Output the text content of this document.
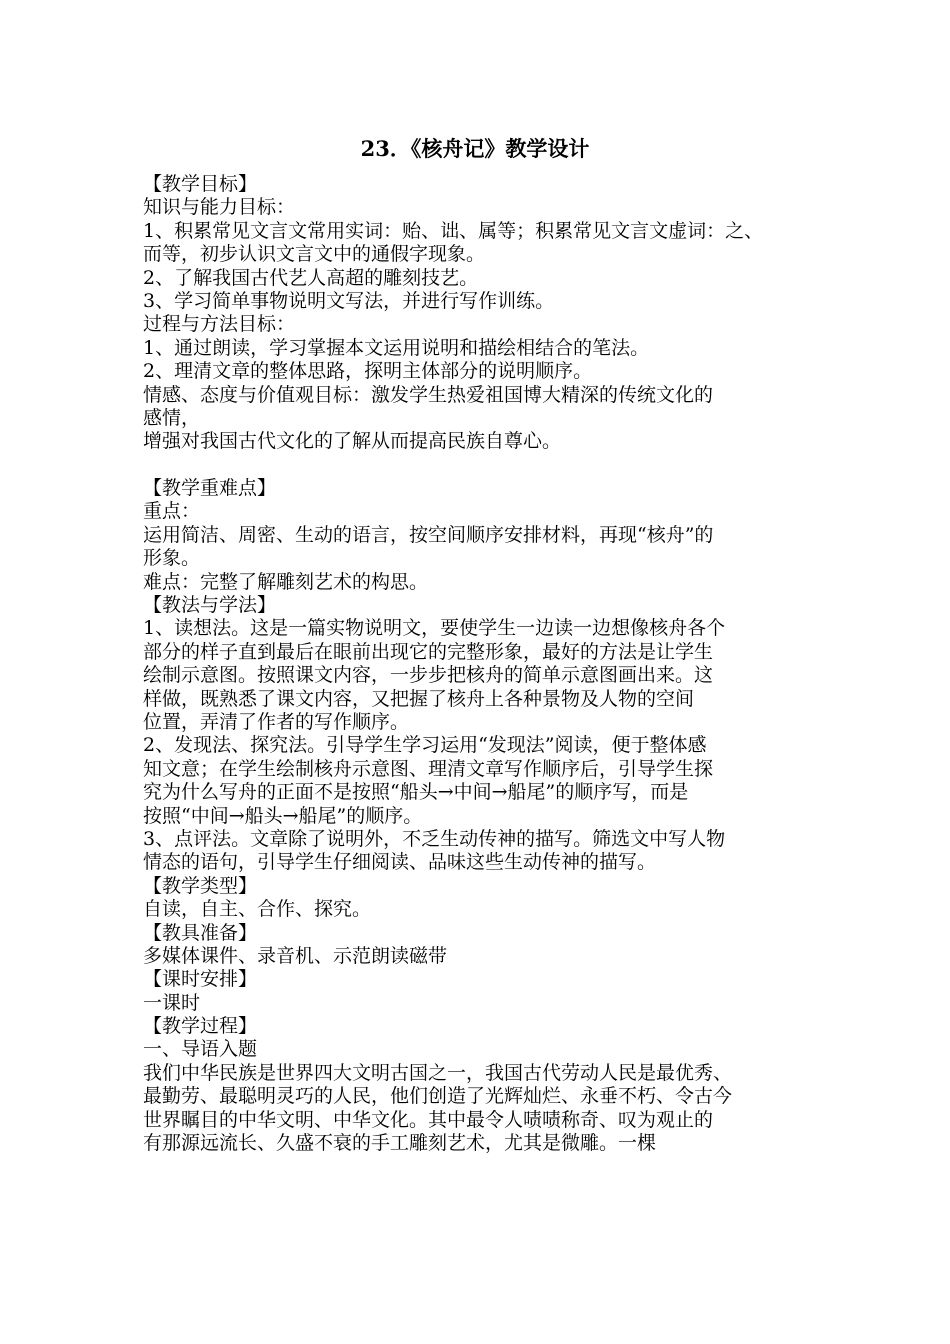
23．《核舟记》教学设计
【教学目标】
知识与能力目标：
1、积累常见文言文常用实词：贻、诎、属等；积累常见文言文虚词：之、
而等，初步认识文言文中的通假字现象。
2、了解我国古代艺人高超的雕刻技艺。
3、学习简单事物说明文写法，并进行写作训练。
过程与方法目标：
1、通过朗读，学习掌握本文运用说明和描绘相结合的笔法。
2、理清文章的整体思路，探明主体部分的说明顺序。
情感、态度与价值观目标：激发学生热爱祖国博大精深的传统文化的
感情，
增强对我国古代文化的了解从而提高民族自尊心。
【教学重难点】
重点：
运用简洁、周密、生动的语言，按空间顺序安排材料，再现“核舟”的
形象。
难点：完整了解雕刻艺术的构思。
【教法与学法】
1、读想法。这是一篇实物说明文，要使学生一边读一边想像核舟各个
部分的样子直到最后在眼前出现它的完整形象，最好的方法是让学生
绘制示意图。按照课文内容，一步步把核舟的简单示意图画出来。这
样做，既熟悉了课文内容，又把握了核舟上各种景物及人物的空间
位置，弄清了作者的写作顺序。
2、发现法、探究法。引导学生学习运用“发现法”阅读，便于整体感
知文意；在学生绘制核舟示意图、理清文章写作顺序后，引导学生探
究为什么写舟的正面不是按照“船头→中间→船尾”的顺序写，而是
按照“中间→船头→船尾”的顺序。
3、点评法。文章除了说明外，不乏生动传神的描写。筛选文中写人物
情态的语句，引导学生仔细阅读、品味这些生动传神的描写。
【教学类型】
自读，自主、合作、探究。
【教具准备】
多媒体课件、录音机、示范朗读磁带
【课时安排】
一课时
【教学过程】
一、导语入题
我们中华民族是世界四大文明古国之一，我国古代劳动人民是最优秀、
最勤劳、最聪明灵巧的人民，他们创造了光辉灿烂、永垂不朽、令古今
世界瞩目的中华文明、中华文化。其中最令人啧啧称奇、叹为观止的
有那源远流长、久盛不衰的手工雕刻艺术，尤其是微雕。一棵
